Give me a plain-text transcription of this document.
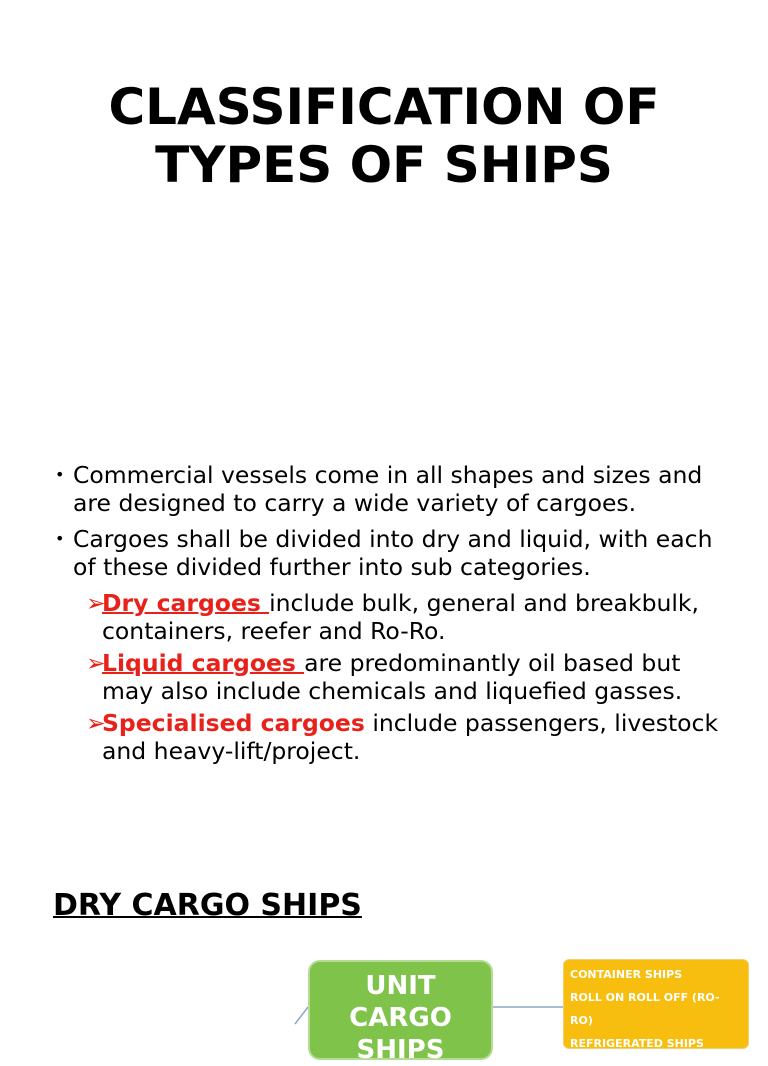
CLASSIFICATION OF
TYPES OF SHIPS
• Commercial vessels come in all shapes and sizes and are designed to carry a wide variety of cargoes.
• Cargoes shall be divided into dry and liquid, with each of these divided further into sub categories.
➢
Dry cargoes include bulk, general and breakbulk, containers, reefer and Ro-Ro.
➢
Liquid cargoes are predominantly oil based but may also include chemicals and liquefied gasses.
➢
Specialised cargoes include passengers, livestock and heavy-lift/project.
DRY CARGO SHIPS
UNIT CARGO SHIPS
CONTAINER SHIPS
ROLL ON ROLL OFF (RO-RO)
REFRIGERATED SHIPS
